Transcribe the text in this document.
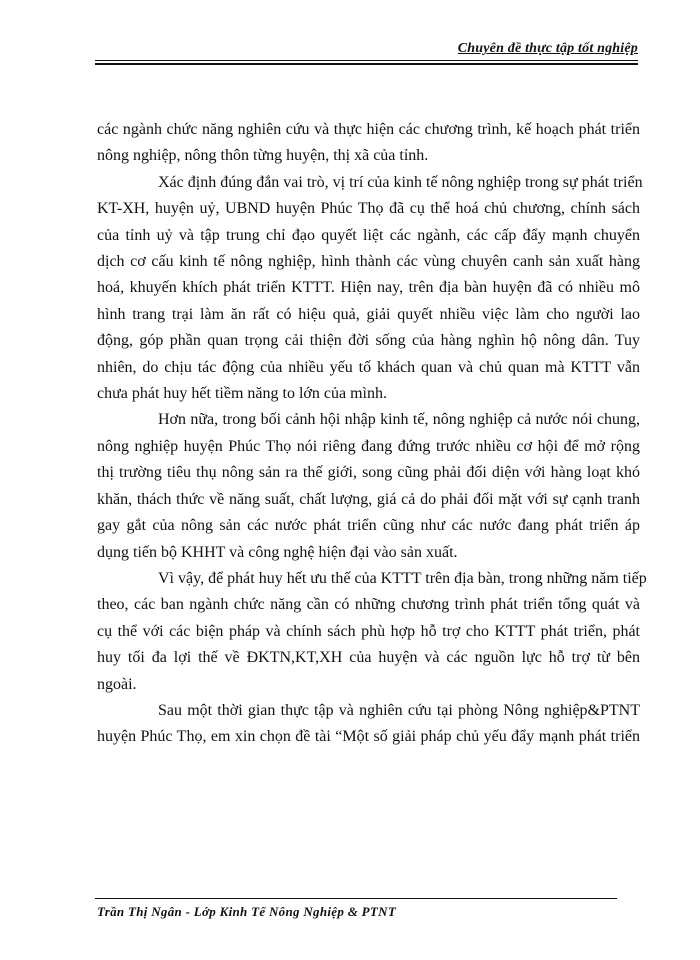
Chuyên đề thực tập tốt nghiệp

các ngành chức năng nghiên cứu và thực hiện các chương trình, kế hoạch phát triển
nông nghiệp, nông thôn từng huyện, thị xã của tỉnh.

Xác định đúng đắn vai trò, vị trí của kinh tế nông nghiệp trong sự phát triển
KT-XH, huyện uỷ, UBND huyện Phúc Thọ đã cụ thể hoá chủ chương, chính sách
của tỉnh uỷ và tập trung chỉ đạo quyết liệt các ngành, các cấp đẩy mạnh chuyển
dịch cơ cấu kinh tế nông nghiệp, hình thành các vùng chuyên canh sản xuất hàng
hoá, khuyến khích phát triển KTTT. Hiện nay, trên địa bàn huyện đã có nhiều mô
hình trang trại làm ăn rất có hiệu quả, giải quyết nhiều việc làm cho người lao
động, góp phần quan trọng cải thiện đời sống của hàng nghìn hộ nông dân. Tuy
nhiên, do chịu tác động của nhiều yếu tố khách quan và chủ quan mà KTTT vẫn
chưa phát huy hết tiềm năng to lớn của mình.

Hơn nữa, trong bối cảnh hội nhập kinh tế, nông nghiệp cả nước nói chung,
nông nghiệp huyện Phúc Thọ nói riêng đang đứng trước nhiều cơ hội để mở rộng
thị trường tiêu thụ nông sản ra thế giới, song cũng phải đối diện với hàng loạt khó
khăn, thách thức về năng suất, chất lượng, giá cả do phải đối mặt với sự cạnh tranh
gay gắt của nông sản các nước phát triển cũng như các nước đang phát triển áp
dụng tiến bộ KHHT và công nghệ hiện đại vào sản xuất.

Vì vậy, để phát huy hết ưu thế của KTTT trên địa bàn, trong những năm tiếp
theo, các ban ngành chức năng cần có những chương trình phát triển tổng quát và
cụ thể với các biện pháp và chính sách phù hợp hỗ trợ cho KTTT phát triển, phát
huy tối đa lợi thế về ĐKTN,KT,XH của huyện và các nguồn lực hỗ trợ từ bên
ngoài.

Sau một thời gian thực tập và nghiên cứu tại phòng Nông nghiệp&PTNT
huyện Phúc Thọ, em xin chọn đề tài “Một số giải pháp chủ yếu đẩy mạnh phát triển

Trần Thị Ngân - Lớp Kinh Tế Nông Nghiệp & PTNT
